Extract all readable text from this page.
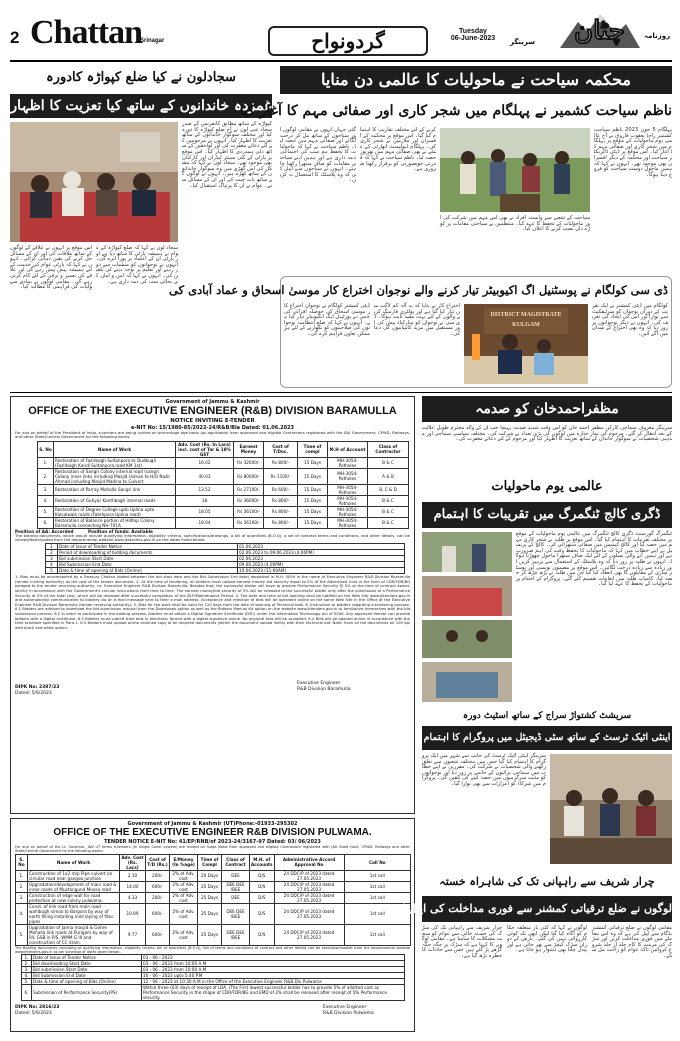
2 Chattan
Srinagar	گردونواح	Tuesday
06-June-2023	سرینگر چٹان	روزنامہ
سجادلون نے کیا ضلع کپواڑہ کادورہ
غمزدہ خاندانوں کے ساتھ کیا تعزیت کا اظہار
کپواڑہ کے ساتھ مطابق کانفرنس کے صدر سجاد غنی لون نے آج ضلع کپواڑہ کا دورہ کیا اور مختلف سوگوار خاندانوں کے ساتھ تعزیت کا اظہار کیا۔ انہوں نے مرحومین کے لئے دعائے مغفرت کی اور لواحقین کے ساتھ دلی ہمدردی کا اظہار کیا۔ اس موقع پر پارٹی کے کئی سینئر لیڈران اور کارکنان بھی موجود تھے۔ سجاد لون نے کہا کہ مشکل کی اس گھڑی میں وہ سوگوار خاندانوں کے ساتھ کھڑے ہیں۔ انہوں نے لوگوں کے ساتھ بات چیت کی اور ان کے مسائل سنے۔ عوام نے ان کا پرتپاک استقبال کیا۔
اس موقع پر انہوں نے علاقے کے لوگوں کے ساتھ ملاقات کی اور ان کے مسائل حل کرنے کی یقین دہانی کرائی۔ انہوں نے کہا کہ پارٹی عوام کی خدمت کے لئے ہمیشہ پیش پیش رہے گی اور علاقے کی تعمیر و ترقی کے لئے کام کرتی رہے گی۔ مقامی لوگوں نے بنیادی سہولیات کی فراہمی کا مطالبہ کیا۔
سجاد لون نے کہا کہ ضلع کپواڑہ کے عوام نے ہمیشہ پارٹی کا ساتھ دیا ہے اور پارٹی ان کے اعتماد پر پورا اترے گی۔ انہوں نے نوجوانوں کو منشیات سے دور رہنے اور تعلیم پر توجہ دینے کی تلقین کی۔ انہوں نے کہا کہ امن و امان کی بحالی سب کی ذمہ داری ہے۔
محکمہ سیاحت نے ماحولیات کا عالمی دن منایا
ناظم سیاحت کشمیر نے پہلگام میں شجر کاری اور صفائی مہم کا آغاز کیا
گئی جہاں انہوں نے مقامی لوگوں اور سیاحوں کے ساتھ مل کر درخت لگائے اور صفائی مہم میں حصہ لیا۔ ناظم سیاحت نے کہا کہ ماحولیات کا تحفظ ہم سب کی اجتماعی ذمہ داری ہے اور ہمیں اپنے سیاحتی مقامات کو صاف ستھرا رکھنا چاہئے۔ انہوں نے سیاحوں سے اپیل کی کہ وہ پلاسٹک کا استعمال نہ کریں۔
کرنے کے لئے مختلف تقاریب کا اہتمام کیا گیا۔ اس موقع پر محکمہ کے افسران اور ملازمین نے شجر کاری کی۔ پہلگام ڈیولپمنٹ اتھارٹی کے عملے نے بھی صفائی مہم میں بھرپور حصہ لیا۔ ناظم سیاحت نے کہا کہ قدرتی خوبصورتی کو برقرار رکھنا ضروری ہے۔
پہلگام 5 جون 2023 ناظم سیاحت کشمیر راجا یعقوب فاروق نے آج عالمی یوم ماحولیات کے موقع پر پہلگام میں شجر کاری اور صفائی مہم کا آغاز کیا۔ اس موقع پر ڈپٹی ڈائریکٹر سیاحت اور محکمہ کے دیگر افسران بھی موجود تھے۔ انہوں نے کہا کہ ہمیں ماحول دوست سیاحت کو فروغ دینا ہوگا۔
سیاحت کے شعبے سے وابستہ افراد نے بھی اس مہم میں شرکت کی اور ماحولیات کے تحفظ کا عہد کیا۔ منتظمین نے سیاحتی مقامات پر کوڑے دان نصب کرنے کا اعلان کیا۔
ڈی سی کولگام نے پوسٹنیل اگ اکیوبیٹر تیار کرنے والے نوجوان اختراع کار موسیٰ اسحاق و عماد آبادی کی
ڈپٹی کمشنر کولگام نے نوجوان اختراع کار موسیٰ اسحاق کی حوصلہ افزائی کی جس نے پورٹیبل ایگ انکیوبیٹر تیار کیا ہے۔ انہوں نے کہا کہ ضلع انتظامیہ نوجوانوں کی صلاحیتوں کو نکھارنے کے لئے ہر ممکن تعاون فراہم کرے گی۔
اختراع کار نے بتایا کہ یہ آلہ کم لاگت میں تیار کیا گیا ہے اور پولٹری فارمنگ کرنے والوں کے لئے بہت مفید ثابت ہوگا۔ ڈی سی نے نوجوان کو مبارکباد پیش کی اور مستقبل میں مزید کامیابیوں کی دعا کی۔
DISTRICT MAGISTRATE
KULGAM
کولگام میں ڈپٹی کمشنر نے ایک تقریب کے دوران نوجوان کو سرٹیفکیٹ سے نوازا اور اس کی ایجاد کی تعریف کی۔ انہوں نے دیگر نوجوانوں پر زور دیا کہ وہ بھی اختراع کے میدان میں آگے آئیں۔
Government of Jammu & Kashmir
OFFICE OF THE EXECUTIVE ENGINEER (R&B) DIVISION BARAMULLA
NOTICE INVITING E-TENDER
e-NIT No: 15/1980-85/2022-24/R&B/Bla Dated: 01.06.2023
For and on behalf of the President of India, e-tenders are being invited on percentage age basis (as applicable) from approved and eligible Contractors registered with the J&K Government, CPWD, Railways, and other State/Central Government for the following works:
S. No	Name of Work	Adv. Cost (Rs. In Lacs) incl. cost of Tar & 18% GST	Earnest Money	Cost of T/Doc.	Time of compl	M.H of Account	Class of Contractor
1.	Restoration of Fazirbagh Sultanpora to Dudbugh (Fazirbagh Kandi Sultanpora road KM 1st)	16.02	Rs 32000/-	Rs 800/-	15 Days	MH-3054-Potholes	B & C
2.	Restoration of Sangri Colony internal road (sangri Colony inner links including Masjid Usman to H/O Nazir Ahmad including Masjid Madina to Culvert	40.03	Rs 80000/-	Rs 1100/-	15 Days	MH-3054-Potholes	A & B
3.	Restoration of Parray Mohalla Sangri link	13.52	Rs 27100/-	Rs 600/-	15 Days	MH-3054-Potholes	B, C & D
4.	Restoration of Gutiyar Kanthbagh internal roads	18	Rs 36000/-	Rs 800/-	15 Days	MH-3054-Potholes	B & C
5.	Restoration of Degree College upto Uplina upto Kalsaiwaik roads (Fatehpora Uplina road)	18.05	Rs 36100/-	Rs 800/-	15 Days	MH-3054-Potholes	B & C
6.	Restoration of Balance portion of Hilltop Colony Baramulla connecting NH-701A	18.04	Rs 36100/-	Rs 800/-	15 Days	MH-3054-Potholes	B & C
Position of AA: Accorded          Position of funds: Available
The bidding documents, which would include qualifying information, eligibility criteria, specifications/drawings, a bill of quantities (B.O.Q), a set of contract terms and conditions, and other details, can be viewed/downloaded from the departmental website www.jktenders.gov.in on the dates listed below:
1	Date of Issue of Tender Notice	01.06.2023
2	Period of downloading of bidding documents	02.06.2023 to 09.06.2023 (4.00PM)
3	Bid submission Start Date	02.06.2023
4	Bid Submission End Date	09.06.2023 (4.00PM)
5	Date & time of opening of Bids (Online)	10.06.2023 (11:00AM)
1. Bids must be accompanied by a Treasury Challan (dated between the bid start date and the Bid Submission End date) deposited in M.H. 0059 in the name of Executive Engineer R&B Division Baramulla (tender inviting authority) as the cost of the tender document. 2. At the time of tendering, all bidders must upload earnest money bid security equal to 2% of the Advertised Cost in the form of CDR/FDR/BG pledged to the tender receiving authority, i.e. Executive Engineer R&B Division Baramulla. Besides that, the successful bidder will have to provide Performance Security @ 5% at the time of contract award, strictly in accordance with the Government's circular instructions from time to time. The earnest money/bid security of 2% will be released to the successful bidder only after the submission of a Performance Security of 5% of the total cost, which will be released after successful completion of the DLP/Maintenance Period. 4. The date and time of bid opening shall be notified on the Web Site www.jktenders.gov.in and automatically communicated to bidders via an e-mail message sent to their e-mail address. Acceptance and rejection of bids will be operated online on the same Web Site in the Office of the Executive Engineer R&B Division Baramulla (tender receiving authority). 5. Bids for the work shall be valid for 120 days from the date of opening of Technical bids. 6. Instruction to bidders regarding e-tendering process. 6.1 Bidders are advised to download the bid submission manual from the Downloads option as well as the Bidders Manual Kit option on the website www.jktenders.gov.in to familiarize themselves with the bid submission process. 6.2 In order to participate in the bidding process, bidders must obtain a Digital Signature Certificate (DSC) under the Information Technology Act of 2000. Any approved Vendor can provide bidders with a digital certificate. 6.3 Bidders must submit their bids in electronic format with a digital signature online. No physical bids will be accepted. 6.4 Bids will be opened online in accordance with the time schedule specified in Para-1. 6.5 Bidders must upload online scanned copy of all required documents (within the document upload limits) with their technical bid. Note: Scan all the documents on 100 dpi with black and white option.
DIPK No: 2387/23
Dated: 5/6/2023
Executive Engineer
R&B Division Baramulla
Government of Jammu & Kashmir (UT)Phone:-01933-295302
OFFICE OF THE EXECUTIVE ENGINEER R&B DIVISION PULWAMA.
TENDER NOTICE E-NIT No: 41/EP/RNB/of 2023-24/3167-97 Dated: 03/ 06/2023
For and on behalf of the Lt. Governor, J&K UT terms e-tenders (In Single Cover system) are invited on %age Basis from approved and eligible Contractors registered with J&K State Govt, CPWD, Railways and other State/Central Government for the following works:-
S. No	Name of Work	Adv. Cost (Rs. Lacs)	Cost of T/D (Rs.)	E/Money (In %age)	Time of Compl	Class of Contract	M.H. of Accounts	Administrative Accord Approval No	Call No
1.	Construction of 1x2 m/p Pipe culvert on circular road near gangoo junction	2.10	200/-	2% of Adv. cost	20 Days	DEE	D/S	24 DDC/P of 2023 dated 27.05.2023	1st call
2.	Upgradation/development of main road & inner roads of Mustangund Moosa road	14.00	600/-	2% of Adv. cost	25 Days	DEE DEE /BEE	D/S	24 DDC/P of 2023 dated 27.05.2023	1st call
3.	Construction of edge wall for road protection at new colony pulwama.	4.33	200/-	2% of Adv. cost	25 Days	DEE	D/S	24 DDC/P of 2023 dated 27.05.2023	1st call
4.	Const. of link road from main road wahibugh simoo to Barpora by way of earth filling installing mild laying of fitoc pipes	10.89	600/-	2% of Adv. cost	25 Days	DEE DEE /BEE	D/S	24 DDC/P of 2023 dated 27.05.2023	1st call
5.	Upgradation of Jamia masjid & Gohre Mohalla link roads at Purigam by way of P/L GSB in P/S, WMM G III and construction of CC drain.	9.77	600/-	2% of Adv. cost	25 Days	DEE DEE /BEE	D/S	24 DDC/P of 2023 dated 27.05.2023	1st call
The Bidding documents consisting of qualifying information, eligibility criteria, bill of quantities (B.O.Q), Set of terms and conditions of contract and other details can be seen/downloaded from the departmental website www.jktenders.gov.in as per schedule of dates given below:-
1.	Date of Issue of Tender Notice	03 - 06 - 2023
2.	Bid downloading Start Date	03 - 06 - 2023 from 10:00 A.M
3.	Bid submission Start Date	03 - 06 - 2023 from 10:00 A.M
4.	Bid Submission End Date	10 - 06 - 2023 upto 5:40 P.M
5.	Date & time of opening of Bids (Online)	12 - 06 - 2023 at 10:30 A.M in the Office of the Executive Engineer R&B Div Pulwama
6.	Submission of Performance Security(PS)	Within three (03) days of receipt of LOA. (The First lowest successful bidder has to provide 5% of allotted cost as Performance Security in the shape of CDR/FDR/BG and EMD of 2% shall be released after receipt of 5% Performance security.
DIPK No: 2816/23
Dated: 5/6/2023
Executive Engineer
R&B Division Pulwama
مظفراحمدخان کو صدمہ
سرینگر معروف سماجی کارکن مظفر احمد خان کو اس وقت شدید صدمہ پہنچا جب ان کے والد محترم طویل علالت کے بعد انتقال کر گئے۔ مرحوم کی نماز جنازہ میں لوگوں کی بڑی تعداد نے شرکت کی۔ مختلف سیاسی سماجی اور مذہبی شخصیات نے سوگوار خاندان کے ساتھ تعزیت کا اظہار کیا اور مرحوم کے لئے دعائے مغفرت کی۔
عالمی یوم ماحولیات
ڈگری کالج ٹنگمرگ میں تقریبات کا اہتمام
ٹنگمرگ گورنمنٹ ڈگری کالج ٹنگمرگ میں عالمی یوم ماحولیات کے موقع پر مختلف تقریبات کا اہتمام کیا گیا۔ اس موقع پر طلبہ نے شجر کاری مہم میں حصہ لیا اور کالج کیمپس میں صفائی ستھرائی کی۔ کالج کے پرنسپل نے اپنے خطاب میں کہا کہ ماحولیات کا تحفظ وقت کی اہم ضرورت ہے اور ہمیں آنے والی نسلوں کے لئے ایک صاف ستھرا ماحول چھوڑنا ہوگا۔ انہوں نے طلبہ پر زور دیا کہ وہ پلاسٹک کے استعمال سے پرہیز کریں اور زیادہ سے زیادہ درخت لگائیں۔ اس موقع پر مضمون نویسی اور پوسٹر سازی کے مقابلوں کا بھی انعقاد کیا گیا جن میں طلبہ نے بڑھ چڑھ کر حصہ لیا۔ کامیاب طلبہ میں انعامات تقسیم کئے گئے۔ پروگرام کے اختتام پر ماحولیات کے تحفظ کا عہد لیا گیا۔
سریشٹ کشتواڑ سراج کے ساتھ اسٹیٹ دورہ
اینٹی اٹیک ٹرسٹ کے ساتھ سٹی ڈیجیٹل میں پروگرام کا اہتمام
سرینگر اینٹی اٹیک ٹرسٹ کی جانب سے شہر میں ایک پروگرام کا اہتمام کیا گیا جس میں مختلف شعبوں سے تعلق رکھنے والی شخصیات نے شرکت کی۔ مقررین نے اپنے خطاب میں سماجی برائیوں کے خاتمے پر زور دیا اور نوجوانوں کو مثبت سرگرمیوں میں حصہ لینے کی تلقین کی۔ پروگرام میں شرکاء کو اعزازات سے بھی نوازا گیا۔
چرار شریف سے راہپانی تک کی شاہراہ خستہ
لوگوں نے ضلع ترقیاتی کمشنر سے فوری مداخلت کی اپیل کی
چرار شریف سے راہپانی تک کی سڑک کی خستہ حالی سے عوام کو سخت مشکلات کا سامنا ہے۔ مقامی لوگوں کا کہنا ہے کہ سڑک پر جگہ جگہ گڑھے پڑ گئے ہیں جس سے حادثات کا خطرہ بڑھ گیا ہے۔
لوگوں نے کہا کہ کئی بار متعلقہ حکام کو آگاہ کیا گیا لیکن ابھی تک کوئی کارروائی نہیں کی گئی۔ بارش کے دوران سڑک کیچڑ سے بھر جاتی ہے اور پیدل چلنا بھی دشوار ہو جاتا ہے۔
مقامی لوگوں نے ضلع ترقیاتی کمشنر بڈگام سے اپیل کی ہے کہ وہ اس معاملے میں فوری مداخلت کریں اور سڑک کی مرمت کا کام جلد از جلد شروع کروائیں تاکہ عوام کو راحت مل سکے۔
